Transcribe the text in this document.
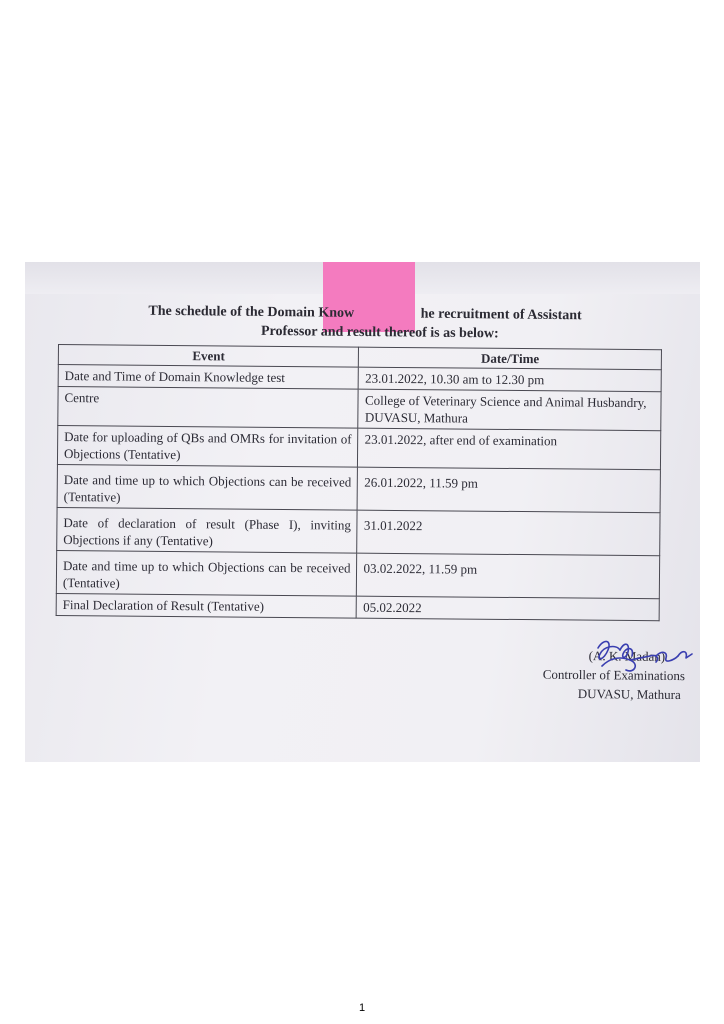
The schedule of the Domain Know                   he recruitment of Assistant
Professor and result thereof is as below:
Event	Date/Time
Date and Time of Domain Knowledge test	23.01.2022, 10.30 am to 12.30 pm
Centre	College of Veterinary Science and Animal Husbandry, DUVASU, Mathura
Date for uploading of QBs and OMRs for invitation of Objections (Tentative)	23.01.2022, after end of examination
Date and time up to which Objections can be received (Tentative)	26.01.2022, 11.59 pm
Date of declaration of result (Phase I), inviting Objections if any (Tentative)	31.01.2022
Date and time up to which Objections can be received (Tentative)	03.02.2022, 11.59 pm
Final Declaration of Result (Tentative)	05.02.2022
(A. K. Madan)
Controller of Examinations
DUVASU, Mathura
1
